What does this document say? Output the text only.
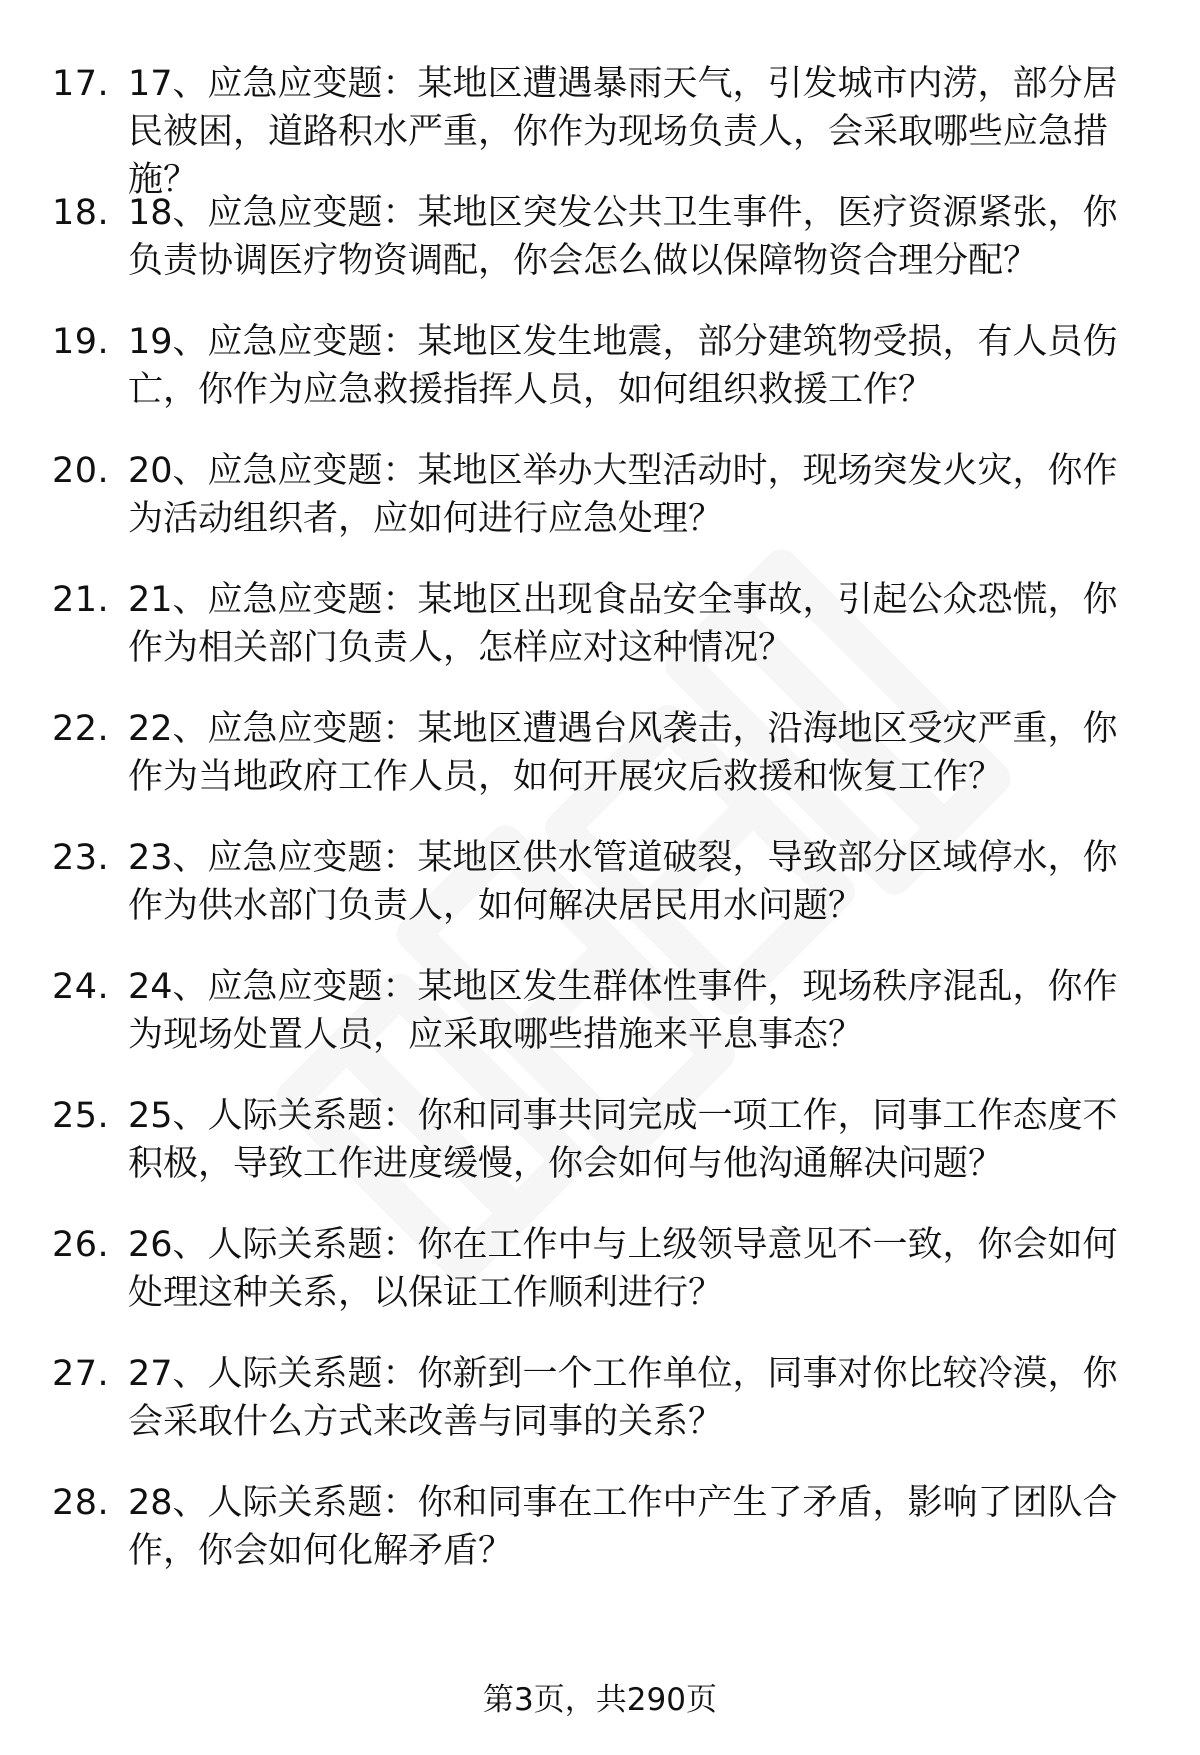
17. 17、应急应变题：某地区遭遇暴雨天气，引发城市内涝，部分居民被困，道路积水严重，你作为现场负责人，会采取哪些应急措施？
18. 18、应急应变题：某地区突发公共卫生事件，医疗资源紧张，你负责协调医疗物资调配，你会怎么做以保障物资合理分配？
19. 19、应急应变题：某地区发生地震，部分建筑物受损，有人员伤亡，你作为应急救援指挥人员，如何组织救援工作？
20. 20、应急应变题：某地区举办大型活动时，现场突发火灾，你作为活动组织者，应如何进行应急处理？
21. 21、应急应变题：某地区出现食品安全事故，引起公众恐慌，你作为相关部门负责人，怎样应对这种情况？
22. 22、应急应变题：某地区遭遇台风袭击，沿海地区受灾严重，你作为当地政府工作人员，如何开展灾后救援和恢复工作？
23. 23、应急应变题：某地区供水管道破裂，导致部分区域停水，你作为供水部门负责人，如何解决居民用水问题？
24. 24、应急应变题：某地区发生群体性事件，现场秩序混乱，你作为现场处置人员，应采取哪些措施来平息事态？
25. 25、人际关系题：你和同事共同完成一项工作，同事工作态度不积极，导致工作进度缓慢，你会如何与他沟通解决问题？
26. 26、人际关系题：你在工作中与上级领导意见不一致，你会如何处理这种关系，以保证工作顺利进行？
27. 27、人际关系题：你新到一个工作单位，同事对你比较冷漠，你会采取什么方式来改善与同事的关系？
28. 28、人际关系题：你和同事在工作中产生了矛盾，影响了团队合作，你会如何化解矛盾？
第3页，共290页
